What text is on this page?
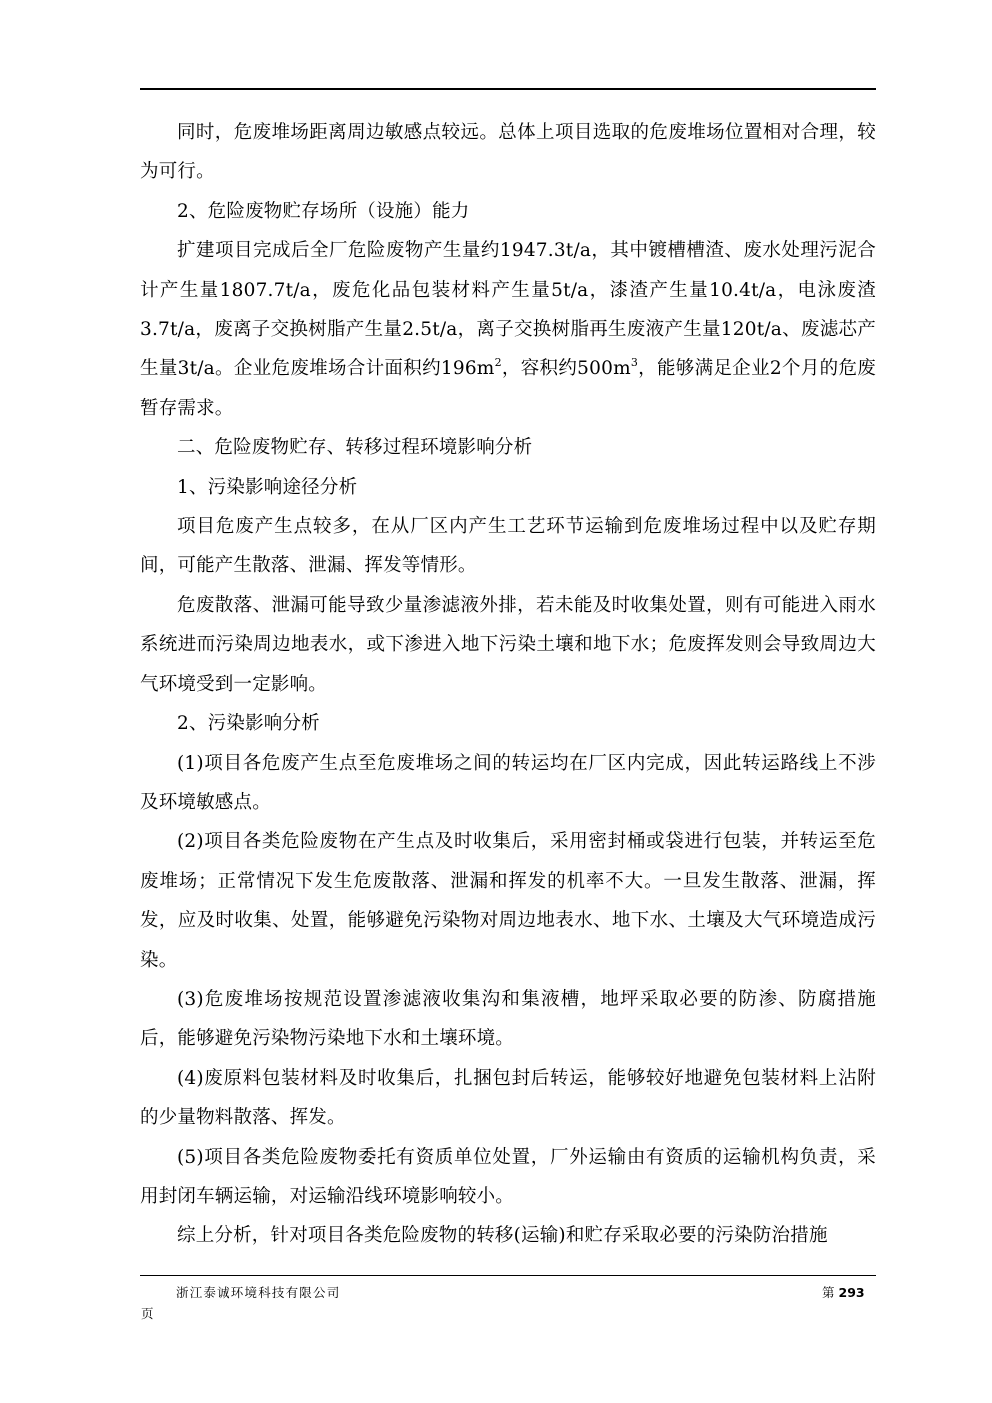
同时，危废堆场距离周边敏感点较远。总体上项目选取的危废堆场位置相对合理，较为可行。

2、危险废物贮存场所（设施）能力

扩建项目完成后全厂危险废物产生量约1947.3t/a，其中镀槽槽渣、废水处理污泥合计产生量1807.7t/a，废危化品包装材料产生量5t/a，漆渣产生量10.4t/a，电泳废渣3.7t/a，废离子交换树脂产生量2.5t/a，离子交换树脂再生废液产生量120t/a、废滤芯产生量3t/a。企业危废堆场合计面积约$196m^2$，容积约$500m^3$，能够满足企业2个月的危废暂存需求。

二、危险废物贮存、转移过程环境影响分析

1、污染影响途径分析

项目危废产生点较多，在从厂区内产生工艺环节运输到危废堆场过程中以及贮存期间，可能产生散落、泄漏、挥发等情形。

危废散落、泄漏可能导致少量渗滤液外排，若未能及时收集处置，则有可能进入雨水系统进而污染周边地表水，或下渗进入地下污染土壤和地下水；危废挥发则会导致周边大气环境受到一定影响。

2、污染影响分析

(1)项目各危废产生点至危废堆场之间的转运均在厂区内完成，因此转运路线上不涉及环境敏感点。

(2)项目各类危险废物在产生点及时收集后，采用密封桶或袋进行包装，并转运至危废堆场；正常情况下发生危废散落、泄漏和挥发的机率不大。一旦发生散落、泄漏，挥发，应及时收集、处置，能够避免污染物对周边地表水、地下水、土壤及大气环境造成污染。

(3)危废堆场按规范设置渗滤液收集沟和集液槽，地坪采取必要的防渗、防腐措施后，能够避免污染物污染地下水和土壤环境。

(4)废原料包装材料及时收集后，扎捆包封后转运，能够较好地避免包装材料上沾附的少量物料散落、挥发。

(5)项目各类危险废物委托有资质单位处置，厂外运输由有资质的运输机构负责，采用封闭车辆运输，对运输沿线环境影响较小。

综上分析，针对项目各类危险废物的转移(运输)和贮存采取必要的污染防治措施

浙江泰诚环境科技有限公司	第 293
页
